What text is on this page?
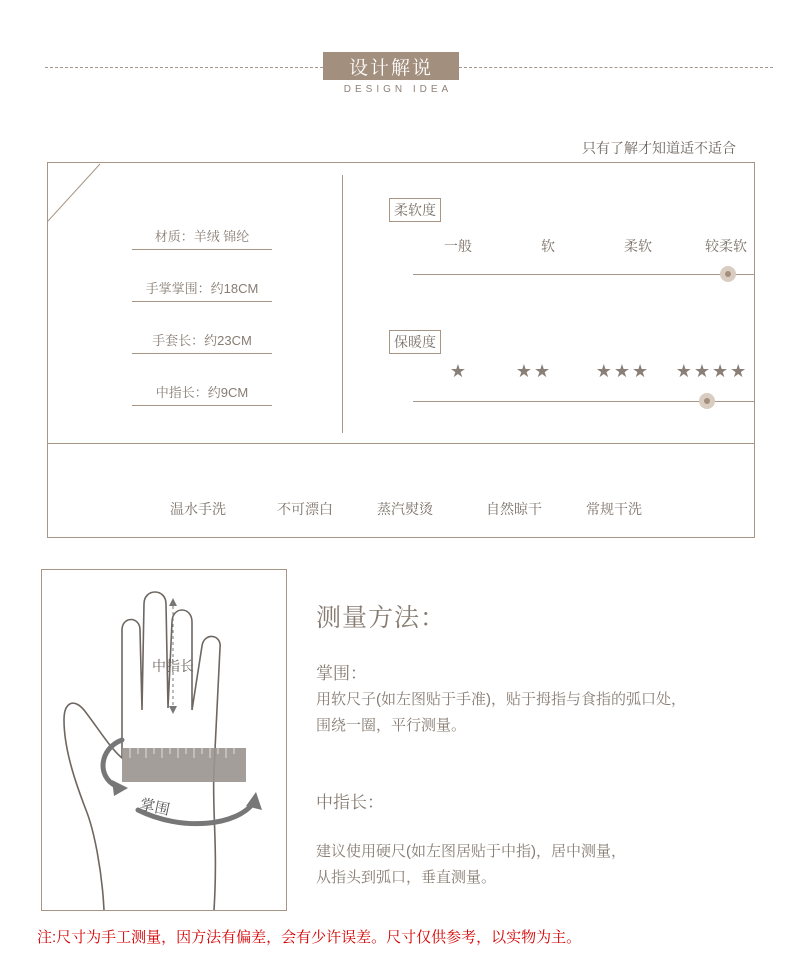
设计解说
DESIGN IDEA
只有了解才知道适不适合
材质：羊绒 锦纶
手掌掌围：约18CM
手套长：约23CM
中指长：约9CM
柔软度
一般	软	柔软	较柔软
保暖度
★	★★	★★★	★★★★
温水手洗	不可漂白	蒸汽熨烫	自然晾干	常规干洗
中指长
掌围
测量方法：
掌围：
用软尺子(如左图贴于手准)，贴于拇指与食指的弧口处，
围绕一圈，平行测量。
中指长：
建议使用硬尺(如左图居贴于中指)，居中测量，
从指头到弧口，垂直测量。
注:尺寸为手工测量，因方法有偏差，会有少许误差。尺寸仅供参考，以实物为主。
